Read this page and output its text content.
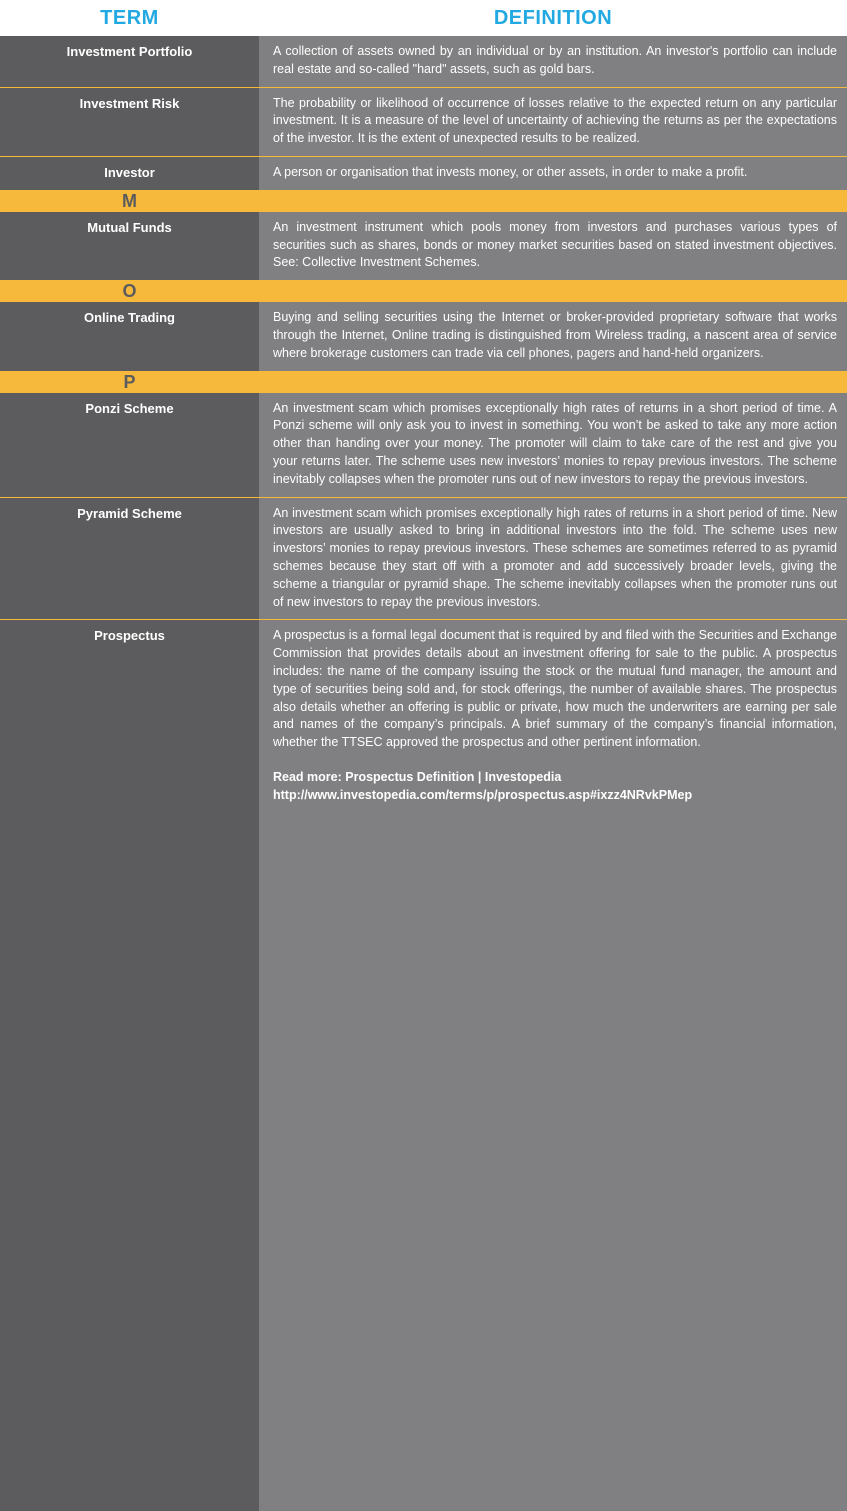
TERM	DEFINITION
Investment Portfolio	A collection of assets owned by an individual or by an institution. An investor's portfolio can include real estate and so-called "hard" assets, such as gold bars.
Investment Risk	The probability or likelihood of occurrence of losses relative to the expected return on any particular investment. It is a measure of the level of uncertainty of achieving the returns as per the expectations of the investor. It is the extent of unexpected results to be realized.
Investor	A person or organisation that invests money, or other assets, in order to make a profit.
M
Mutual Funds	An investment instrument which pools money from investors and purchases various types of securities such as shares, bonds or money market securities based on stated investment objectives. See: Collective Investment Schemes.
O
Online Trading	Buying and selling securities using the Internet or broker-provided proprietary software that works through the Internet, Online trading is distinguished from Wireless trading, a nascent area of service where brokerage customers can trade via cell phones, pagers and hand-held organizers.
P
Ponzi Scheme	An investment scam which promises exceptionally high rates of returns in a short period of time. A Ponzi scheme will only ask you to invest in something. You won’t be asked to take any more action other than handing over your money. The promoter will claim to take care of the rest and give you your returns later. The scheme uses new investors’ monies to repay previous investors. The scheme inevitably collapses when the promoter runs out of new investors to repay the previous investors.
Pyramid Scheme	An investment scam which promises exceptionally high rates of returns in a short period of time. New investors are usually asked to bring in additional investors into the fold. The scheme uses new investors’ monies to repay previous investors. These schemes are sometimes referred to as pyramid schemes because they start off with a promoter and add successively broader levels, giving the scheme a triangular or pyramid shape. The scheme inevitably collapses when the promoter runs out of new investors to repay the previous investors.
Prospectus	A prospectus is a formal legal document that is required by and filed with the Securities and Exchange Commission that provides details about an investment offering for sale to the public. A prospectus includes: the name of the company issuing the stock or the mutual fund manager, the amount and type of securities being sold and, for stock offerings, the number of available shares. The prospectus also details whether an offering is public or private, how much the underwriters are earning per sale and names of the company’s principals. A brief summary of the company’s financial information, whether the TTSEC approved the prospectus and other pertinent information.
Read more: Prospectus Definition | Investopedia
http://www.investopedia.com/terms/p/prospectus.asp#ixzz4NRvkPMep
